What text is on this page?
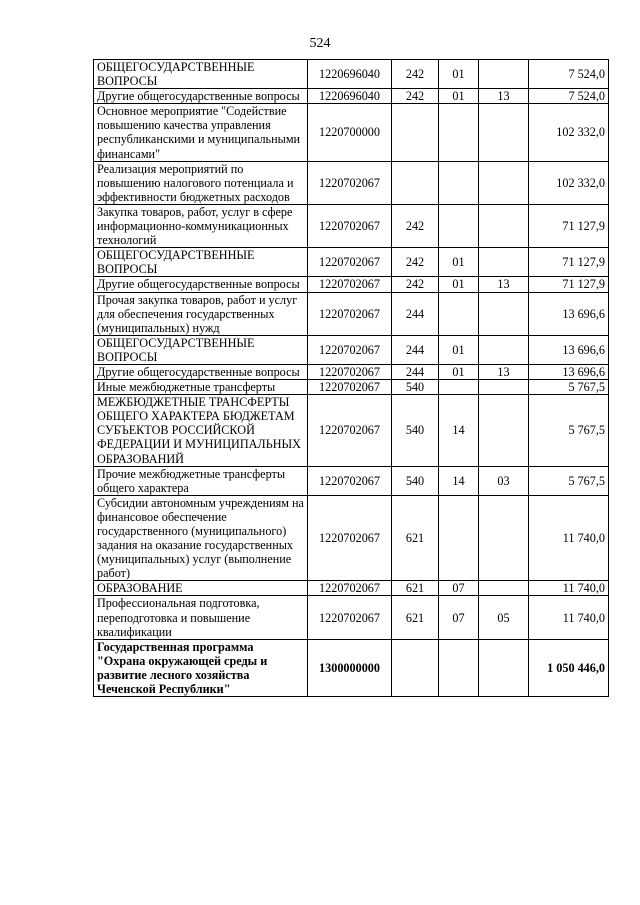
524
ОБЩЕГОСУДАРСТВЕННЫЕ ВОПРОСЫ	1220696040	242	01		7 524,0
Другие общегосударственные вопросы	1220696040	242	01	13	7 524,0
Основное мероприятие "Содействие повышению качества управления республиканскими и муниципальными финансами"	1220700000				102 332,0
Реализация мероприятий по повышению налогового потенциала и эффективности бюджетных расходов	1220702067				102 332,0
Закупка товаров, работ, услуг в сфере информационно-коммуникационных технологий	1220702067	242			71 127,9
ОБЩЕГОСУДАРСТВЕННЫЕ ВОПРОСЫ	1220702067	242	01		71 127,9
Другие общегосударственные вопросы	1220702067	242	01	13	71 127,9
Прочая закупка товаров, работ и услуг для обеспечения государственных (муниципальных) нужд	1220702067	244			13 696,6
ОБЩЕГОСУДАРСТВЕННЫЕ ВОПРОСЫ	1220702067	244	01		13 696,6
Другие общегосударственные вопросы	1220702067	244	01	13	13 696,6
Иные межбюджетные трансферты	1220702067	540			5 767,5
МЕЖБЮДЖЕТНЫЕ ТРАНСФЕРТЫ ОБЩЕГО ХАРАКТЕРА БЮДЖЕТАМ СУБЪЕКТОВ РОССИЙСКОЙ ФЕДЕРАЦИИ И МУНИЦИПАЛЬНЫХ ОБРАЗОВАНИЙ	1220702067	540	14		5 767,5
Прочие межбюджетные трансферты общего характера	1220702067	540	14	03	5 767,5
Субсидии автономным учреждениям на финансовое обеспечение государственного (муниципального) задания на оказание государственных (муниципальных) услуг (выполнение работ)	1220702067	621			11 740,0
ОБРАЗОВАНИЕ	1220702067	621	07		11 740,0
Профессиональная подготовка, переподготовка и повышение квалификации	1220702067	621	07	05	11 740,0
Государственная программа "Охрана окружающей среды и развитие лесного хозяйства Чеченской Республики"	1300000000				1 050 446,0
